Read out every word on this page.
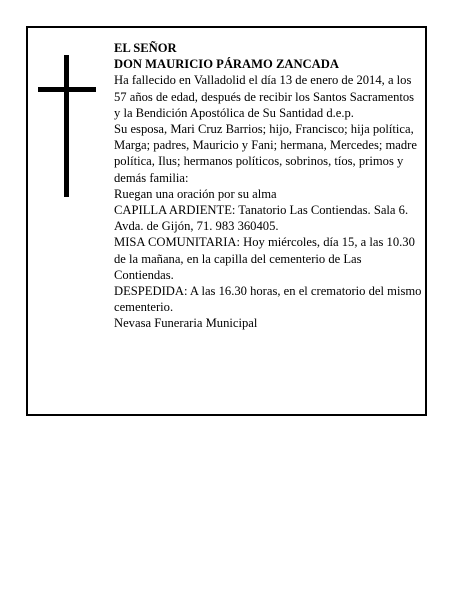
EL SEÑOR

DON MAURICIO PÁRAMO ZANCADA

Ha fallecido en Valladolid el día 13 de enero de 2014, a los 57 años de edad, después de recibir los Santos Sacramentos y la Bendición Apostólica de Su Santidad d.e.p.

Su esposa, Mari Cruz Barrios; hijo, Francisco; hija política, Marga; padres, Mauricio y Fani; hermana, Mercedes; madre política, Ilus; hermanos políticos, sobrinos, tíos, primos y demás familia:

Ruegan una oración por su alma

CAPILLA ARDIENTE: Tanatorio Las Contiendas. Sala 6. Avda. de Gijón, 71. 983 360405.

MISA COMUNITARIA: Hoy miércoles, día 15, a las 10.30 de la mañana, en la capilla del cementerio de Las Contiendas.

DESPEDIDA: A las 16.30 horas, en el crematorio del mismo cementerio.

Nevasa Funeraria Municipal
